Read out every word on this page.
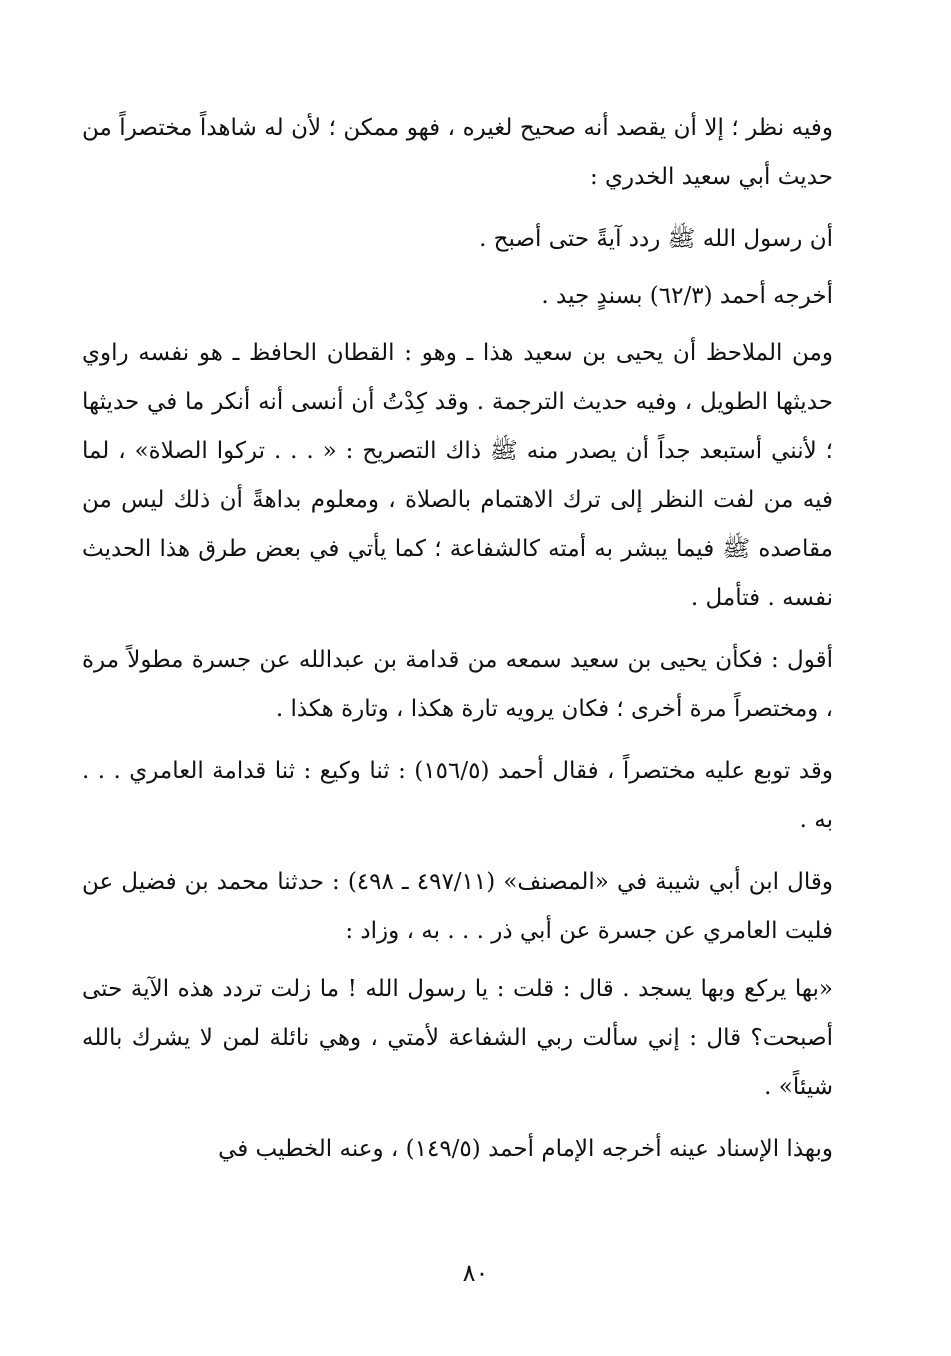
وفيه نظر ؛ إلا أن يقصد أنه صحيح لغيره ، فهو ممكن ؛ لأن له شاهداً مختصراً من حديث أبي سعيد الخدري :

أن رسول الله ﷺ ردد آيةً حتى أصبح .

أخرجه أحمد (٦٢/٣) بسندٍ جيد .

ومن الملاحظ أن يحيى بن سعيد هذا ـ وهو : القطان الحافظ ـ هو نفسه راوي حديثها الطويل ، وفيه حديث الترجمة . وقد كِدْتُ أن أنسى أنه أنكر ما في حديثها ؛ لأنني أستبعد جداً أن يصدر منه ﷺ ذاك التصريح : « . . . تركوا الصلاة» ، لما فيه من لفت النظر إلى ترك الاهتمام بالصلاة ، ومعلوم بداهةً أن ذلك ليس من مقاصده ﷺ فيما يبشر به أمته كالشفاعة ؛ كما يأتي في بعض طرق هذا الحديث نفسه . فتأمل .

أقول : فكأن يحيى بن سعيد سمعه من قدامة بن عبدالله عن جسرة مطولاً مرة ، ومختصراً مرة أخرى ؛ فكان يرويه تارة هكذا ، وتارة هكذا .

وقد توبع عليه مختصراً ، فقال أحمد (١٥٦/٥) : ثنا وكيع : ثنا قدامة العامري . . . به .

وقال ابن أبي شيبة في «المصنف» (٤٩٧/١١ ـ ٤٩٨) : حدثنا محمد بن فضيل عن فليت العامري عن جسرة عن أبي ذر . . . به ، وزاد :

«بها يركع وبها يسجد . قال : قلت : يا رسول الله ! ما زلت تردد هذه الآية حتى أصبحت؟ قال : إني سألت ربي الشفاعة لأمتي ، وهي نائلة لمن لا يشرك بالله شيئاً» .

وبهذا الإسناد عينه أخرجه الإمام أحمد (١٤٩/٥) ، وعنه الخطيب في

٨٠
